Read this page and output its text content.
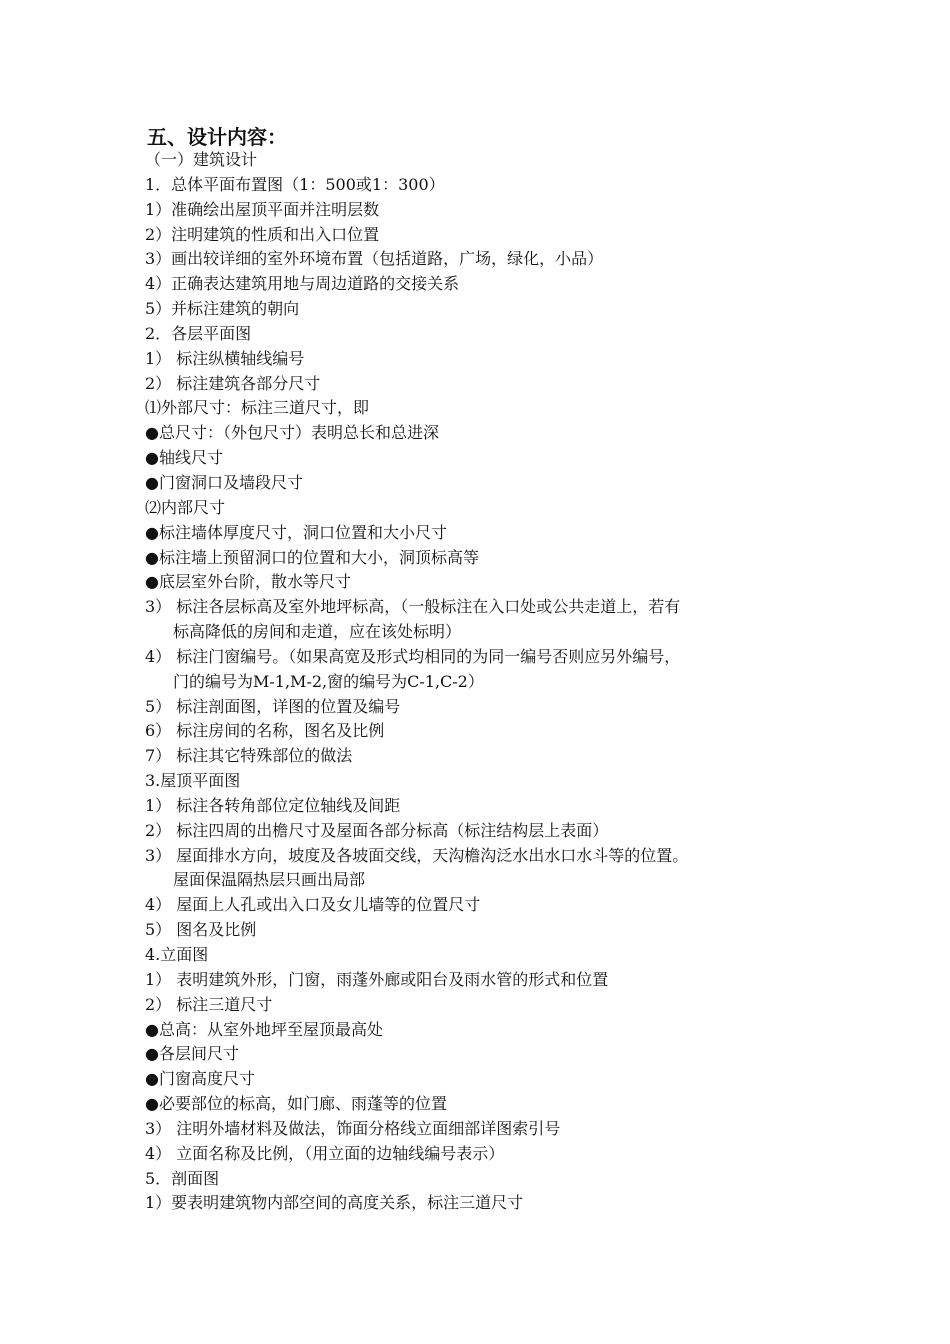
五、设计内容：
（一）建筑设计
1．总体平面布置图（1：500或1：300）
1）准确绘出屋顶平面并注明层数
2）注明建筑的性质和出入口位置
3）画出较详细的室外环境布置（包括道路，广场，绿化，小品）
4）正确表达建筑用地与周边道路的交接关系
5）并标注建筑的朝向
2．各层平面图
1） 标注纵横轴线编号
2） 标注建筑各部分尺寸
⑴外部尺寸：标注三道尺寸，即
●总尺寸：（外包尺寸）表明总长和总进深
●轴线尺寸
●门窗洞口及墙段尺寸
⑵内部尺寸
●标注墙体厚度尺寸，洞口位置和大小尺寸
●标注墙上预留洞口的位置和大小，洞顶标高等
●底层室外台阶，散水等尺寸
3） 标注各层标高及室外地坪标高，（一般标注在入口处或公共走道上，若有
标高降低的房间和走道，应在该处标明）
4） 标注门窗编号。（如果高宽及形式均相同的为同一编号否则应另外编号，
门的编号为M-1,M-2,窗的编号为C-1,C-2）
5） 标注剖面图，详图的位置及编号
6） 标注房间的名称，图名及比例
7） 标注其它特殊部位的做法
3.屋顶平面图
1） 标注各转角部位定位轴线及间距
2） 标注四周的出檐尺寸及屋面各部分标高（标注结构层上表面）
3） 屋面排水方向，坡度及各坡面交线，天沟檐沟泛水出水口水斗等的位置。
屋面保温隔热层只画出局部
4） 屋面上人孔或出入口及女儿墙等的位置尺寸
5） 图名及比例
4.立面图
1） 表明建筑外形，门窗，雨蓬外廊或阳台及雨水管的形式和位置
2） 标注三道尺寸
●总高：从室外地坪至屋顶最高处
●各层间尺寸
●门窗高度尺寸
●必要部位的标高，如门廊、雨蓬等的位置
3） 注明外墙材料及做法，饰面分格线立面细部详图索引号
4） 立面名称及比例，（用立面的边轴线编号表示）
5．剖面图
1）要表明建筑物内部空间的高度关系，标注三道尺寸
